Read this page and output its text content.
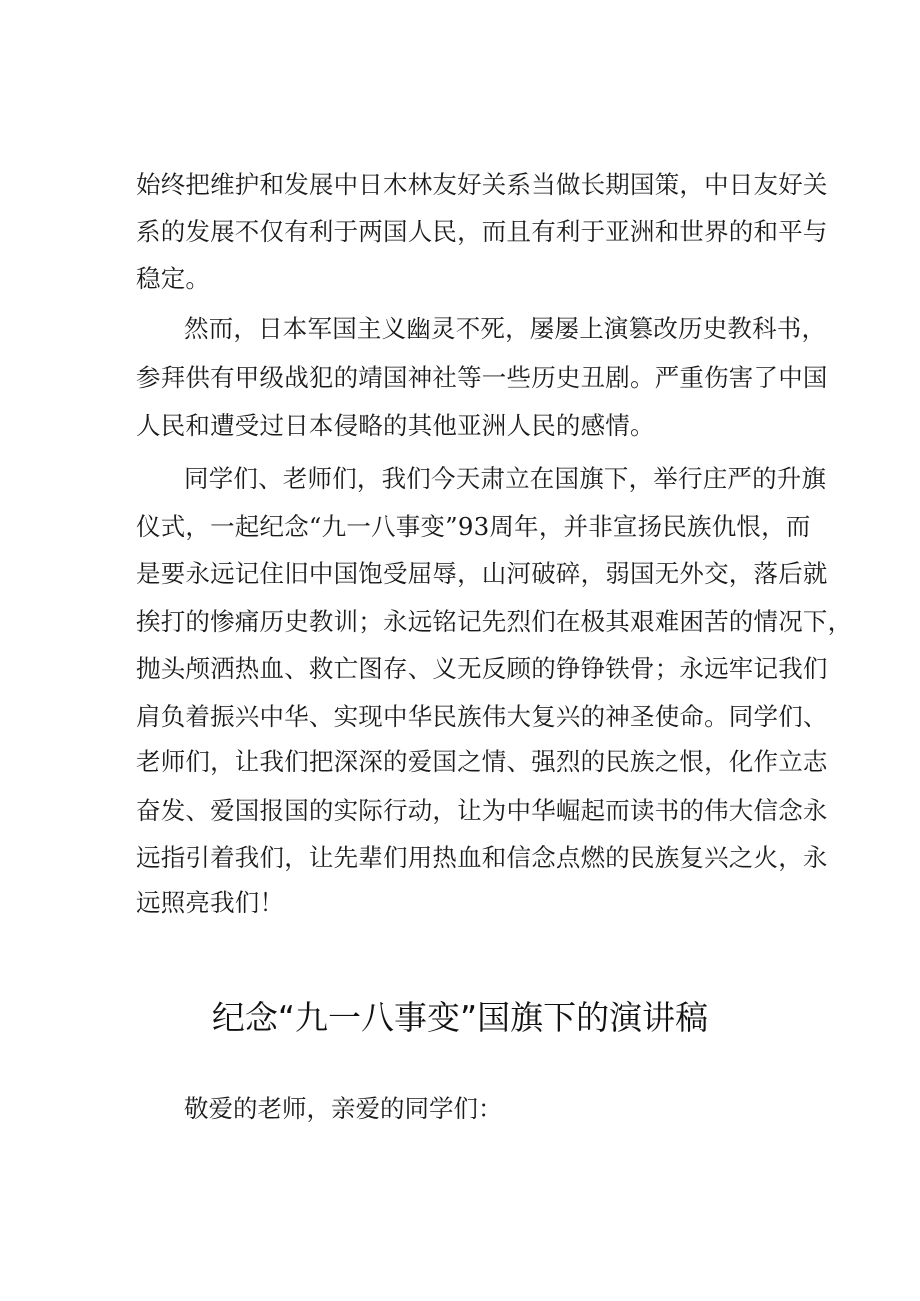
始终把维护和发展中日木林友好关系当做长期国策，中日友好关
系的发展不仅有利于两国人民，而且有利于亚洲和世界的和平与
稳定。
然而，日本军国主义幽灵不死，屡屡上演篡改历史教科书，
参拜供有甲级战犯的靖国神社等一些历史丑剧。严重伤害了中国
人民和遭受过日本侵略的其他亚洲人民的感情。
同学们、老师们，我们今天肃立在国旗下，举行庄严的升旗
仪式，一起纪念“九一八事变”93周年，并非宣扬民族仇恨，而
是要永远记住旧中国饱受屈辱，山河破碎，弱国无外交，落后就
挨打的惨痛历史教训；永远铭记先烈们在极其艰难困苦的情况下，
抛头颅洒热血、救亡图存、义无反顾的铮铮铁骨；永远牢记我们
肩负着振兴中华、实现中华民族伟大复兴的神圣使命。同学们、
老师们，让我们把深深的爱国之情、强烈的民族之恨，化作立志
奋发、爱国报国的实际行动，让为中华崛起而读书的伟大信念永
远指引着我们，让先辈们用热血和信念点燃的民族复兴之火，永
远照亮我们！
纪念“九一八事变”国旗下的演讲稿
敬爱的老师，亲爱的同学们：
